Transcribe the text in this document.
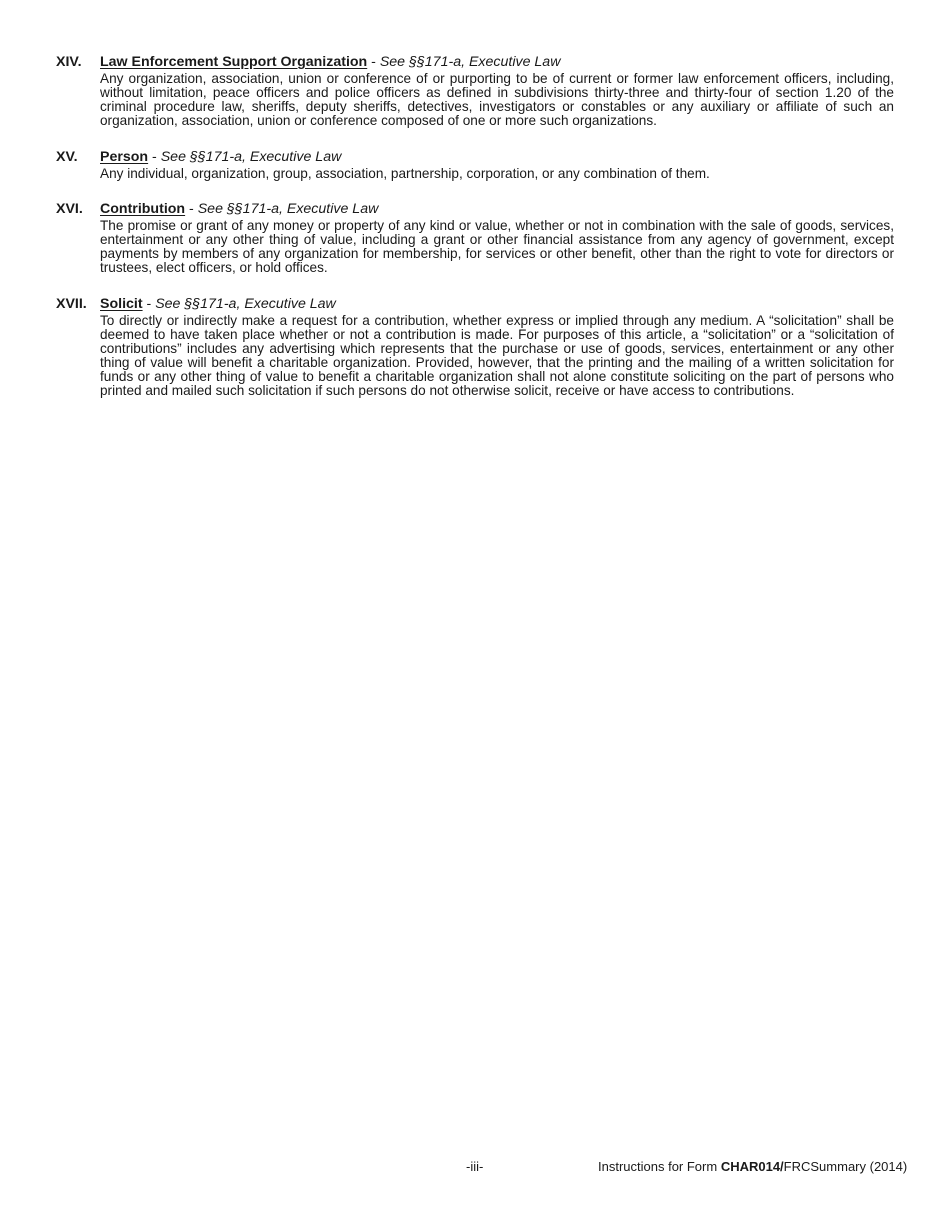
XIV. Law Enforcement Support Organization - See §§171-a, Executive Law
Any organization, association, union or conference of or purporting to be of current or former law enforcement officers, including, without limitation, peace officers and police officers as defined in subdivisions thirty-three and thirty-four of section 1.20 of the criminal procedure law, sheriffs, deputy sheriffs, detectives, investigators or constables or any auxiliary or affiliate of such an organization, association, union or conference composed of one or more such organizations.
XV. Person - See §§171-a, Executive Law
Any individual, organization, group, association, partnership, corporation, or any combination of them.
XVI. Contribution - See §§171-a, Executive Law
The promise or grant of any money or property of any kind or value, whether or not in combination with the sale of goods, services, entertainment or any other thing of value, including a grant or other financial assistance from any agency of government, except payments by members of any organization for membership, for services or other benefit, other than the right to vote for directors or trustees, elect officers, or hold offices.
XVII. Solicit - See §§171-a, Executive Law
To directly or indirectly make a request for a contribution, whether express or implied through any medium. A “solicitation” shall be deemed to have taken place whether or not a contribution is made. For purposes of this article, a “solicitation” or a “solicitation of contributions” includes any advertising which represents that the purchase or use of goods, services, entertainment or any other thing of value will benefit a charitable organization. Provided, however, that the printing and the mailing of a written solicitation for funds or any other thing of value to benefit a charitable organization shall not alone constitute soliciting on the part of persons who printed and mailed such solicitation if such persons do not otherwise solicit, receive or have access to contributions.
-iii-	Instructions for Form CHAR014/FRCSummary (2014)
